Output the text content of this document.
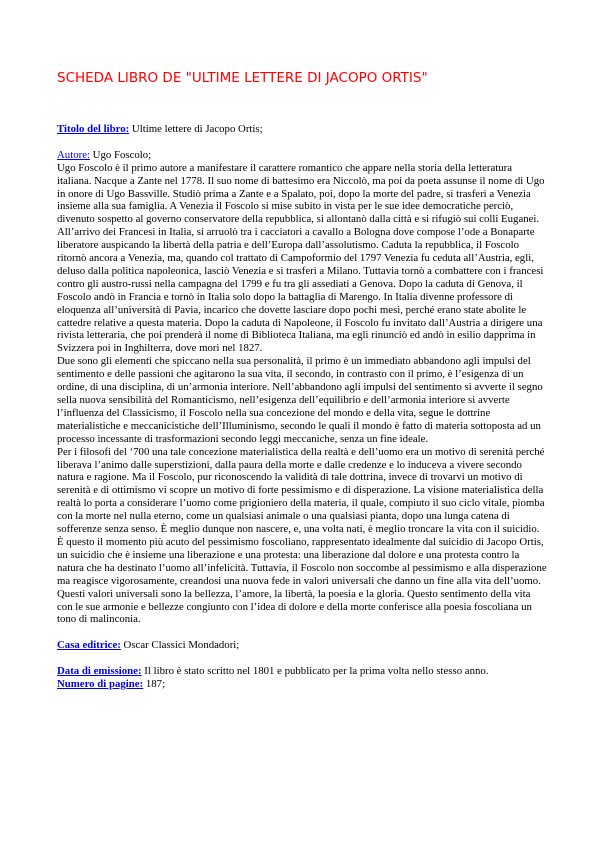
SCHEDA LIBRO DE "ULTIME LETTERE DI JACOPO ORTIS"

Titolo del libro: Ultime lettere di Jacopo Ortis;

Autore: Ugo Foscolo;

Ugo Foscolo è il primo autore a manifestare il carattere romantico che appare nella storia della letteratura italiana. Nacque a Zante nel 1778. Il suo nome di battesimo era Niccolò, ma poi da poeta assunse il nome di Ugo in onore di Ugo Bassville. Studiò prima a Zante e a Spalato, poi, dopo la morte del padre, si trasferì a Venezia insieme alla sua famiglia. A Venezia il Foscolo si mise subito in vista per le sue idee democratiche perciò, divenuto sospetto al governo conservatore della repubblica, si allontanò dalla città e si rifugiò sui colli Euganei. All’arrivo dei Francesi in Italia, si arruolò tra i cacciatori a cavallo a Bologna dove compose l’ode a Bonaparte liberatore auspicando la libertà della patria e dell’Europa dall’assolutismo. Caduta la repubblica, il Foscolo ritornò ancora a Venezia, ma, quando col trattato di Campoformio del 1797 Venezia fu ceduta all’Austria, egli, deluso dalla politica napoleonica, lasciò Venezia e si trasferì a Milano. Tuttavia tornò a combattere con i francesi contro gli austro-russi nella campagna del 1799 e fu tra gli assediati a Genova. Dopo la caduta di Genova, il Foscolo andò in Francia e tornò in Italia solo dopo la battaglia di Marengo. In Italia divenne professore di eloquenza all’università di Pavia, incarico che dovette lasciare dopo pochi mesi, perché erano state abolite le cattedre relative a questa materia. Dopo la caduta di Napoleone, il Foscolo fu invitato dall’Austria a dirigere una rivista letteraria, che poi prenderà il nome di Biblioteca Italiana, ma egli rinunciò ed andò in esilio dapprima in Svizzera poi in Inghilterra, dove morì nel 1827.

Due sono gli elementi che spiccano nella sua personalità, il primo è un immediato abbandono agli impulsi del sentimento e delle passioni che agitarono la sua vita, il secondo, in contrasto con il primo, è l’esigenza di un ordine, di una disciplina, di un’armonia interiore. Nell’abbandono agli impulsi del sentimento si avverte il segno sella nuova sensibilità del Romanticismo, nell’esigenza dell’equilibrio e dell’armonia interiore si avverte l’influenza del Classicismo, il Foscolo nella sua concezione del mondo e della vita, segue le dottrine materialistiche e meccanicistiche dell’Illuminismo, secondo le quali il mondo è fatto di materia sottoposta ad un processo incessante di trasformazioni secondo leggi meccaniche, senza un fine ideale.

Per i filosofi del ‘700 una tale concezione materialistica della realtà e dell’uomo era un motivo di serenità perché liberava l’animo dalle superstizioni, dalla paura della morte e dalle credenze e lo induceva a vivere secondo natura e ragione. Ma il Foscolo, pur riconoscendo la validità di tale dottrina, invece di trovarvi un motivo di serenità e di ottimismo vi scopre un motivo di forte pessimismo e di disperazione. La visione materialistica della realtà lo porta a considerare l’uomo come prigioniero della materia, il quale, compiuto il suo ciclo vitale, piomba con la morte nel nulla eterno, come un qualsiasi animale o una qualsiasi pianta, dopo una lunga catena di sofferenze senza senso. È meglio dunque non nascere, e, una volta nati, è meglio troncare la vita con il suicidio. È questo il momento più acuto del pessimismo foscoliano, rappresentato idealmente dal suicidio di Jacopo Ortis, un suicidio che è insieme una liberazione e una protesta: una liberazione dal dolore e una protesta contro la natura che ha destinato l’uomo all’infelicità. Tuttavia, il Foscolo non soccombe al pessimismo e alla disperazione ma reagisce vigorosamente, creandosi una nuova fede in valori universali che danno un fine alla vita dell’uomo. Questi valori universali sono la bellezza, l’amore, la libertà, la poesia e la gloria. Questo sentimento della vita con le sue armonie e bellezze congiunto con l’idea di dolore e della morte conferisce alla poesia foscoliana un tono di malinconia.

Casa editrice: Oscar Classici Mondadori;

Data di emissione: Il libro è stato scritto nel 1801 e pubblicato per la prima volta nello stesso anno.

Numero di pagine: 187;
